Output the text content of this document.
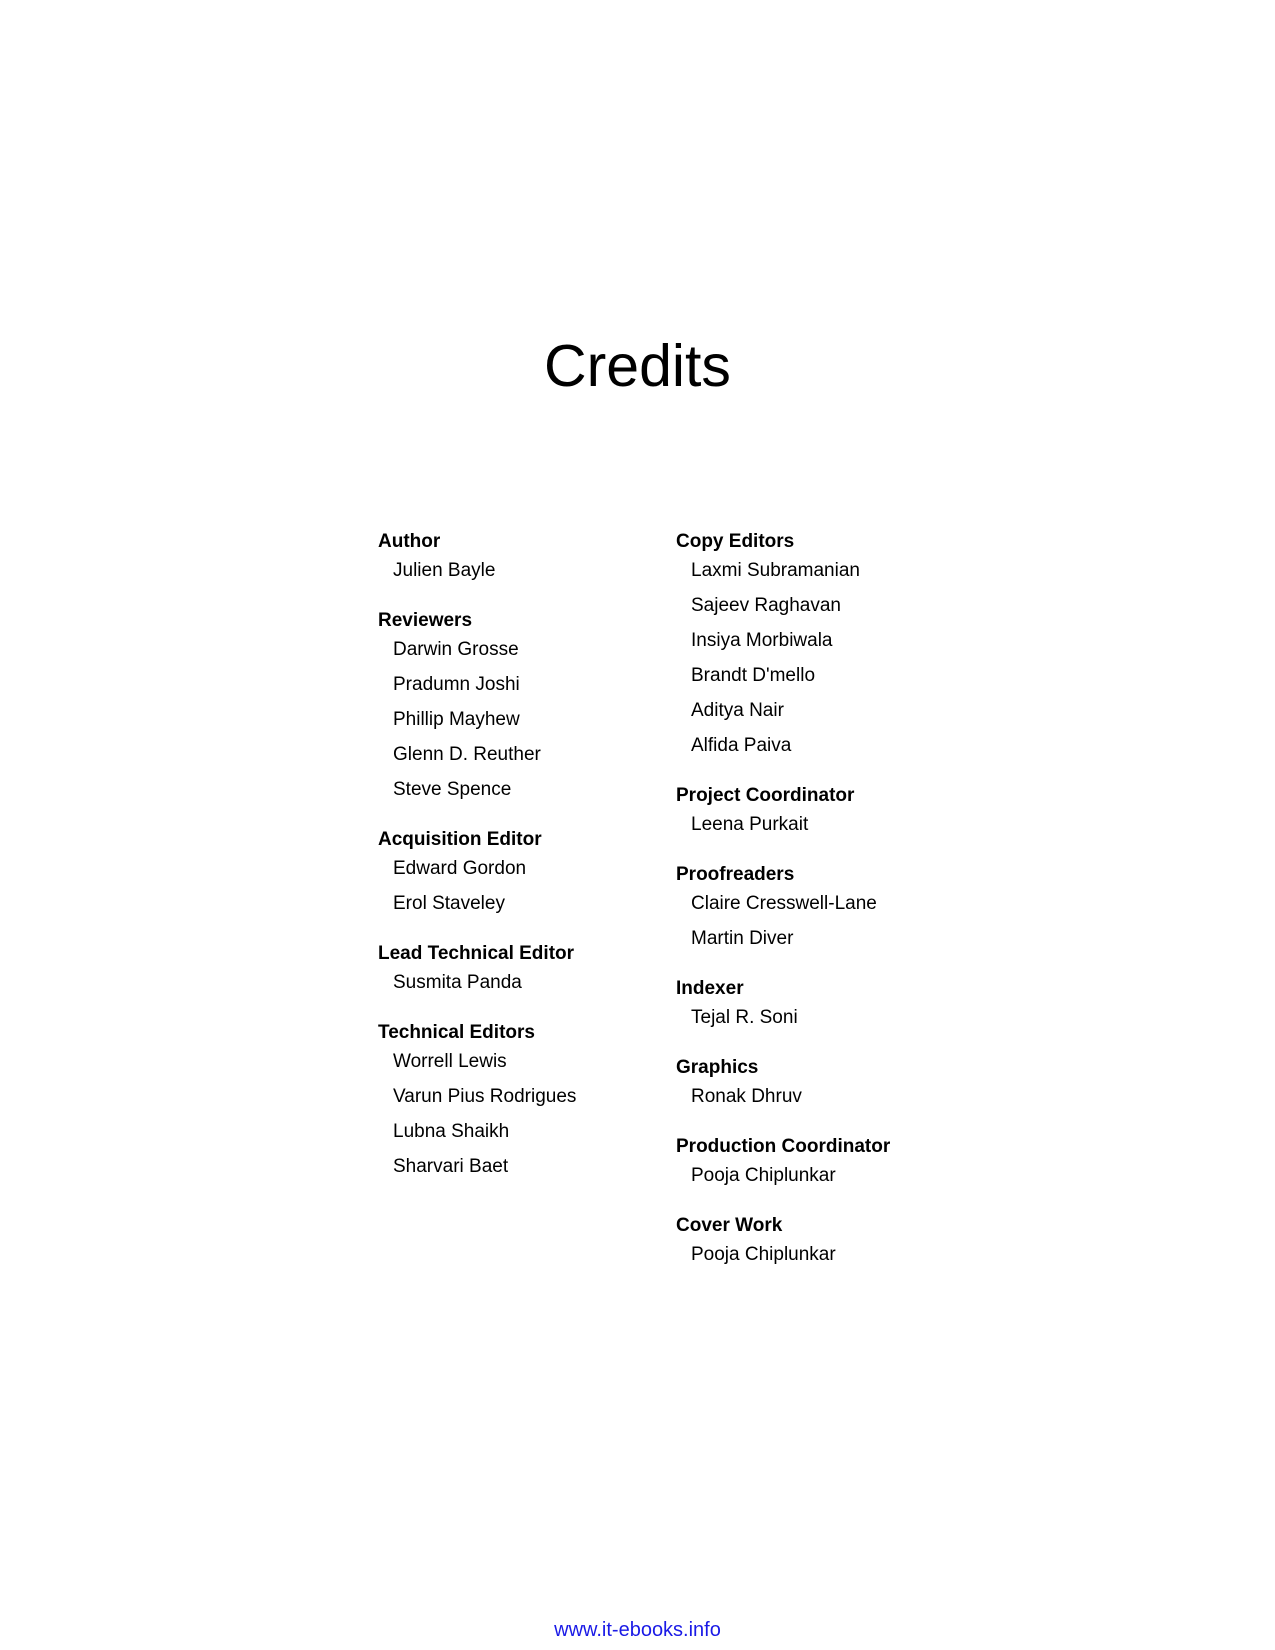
Credits
Author
Julien Bayle
Reviewers
Darwin Grosse
Pradumn Joshi
Phillip Mayhew
Glenn D. Reuther
Steve Spence
Acquisition Editor
Edward Gordon
Erol Staveley
Lead Technical Editor
Susmita Panda
Technical Editors
Worrell Lewis
Varun Pius Rodrigues
Lubna Shaikh
Sharvari Baet
Copy Editors
Laxmi Subramanian
Sajeev Raghavan
Insiya Morbiwala
Brandt D'mello
Aditya Nair
Alfida Paiva
Project Coordinator
Leena Purkait
Proofreaders
Claire Cresswell-Lane
Martin Diver
Indexer
Tejal R. Soni
Graphics
Ronak Dhruv
Production Coordinator
Pooja Chiplunkar
Cover Work
Pooja Chiplunkar
www.it-ebooks.info
